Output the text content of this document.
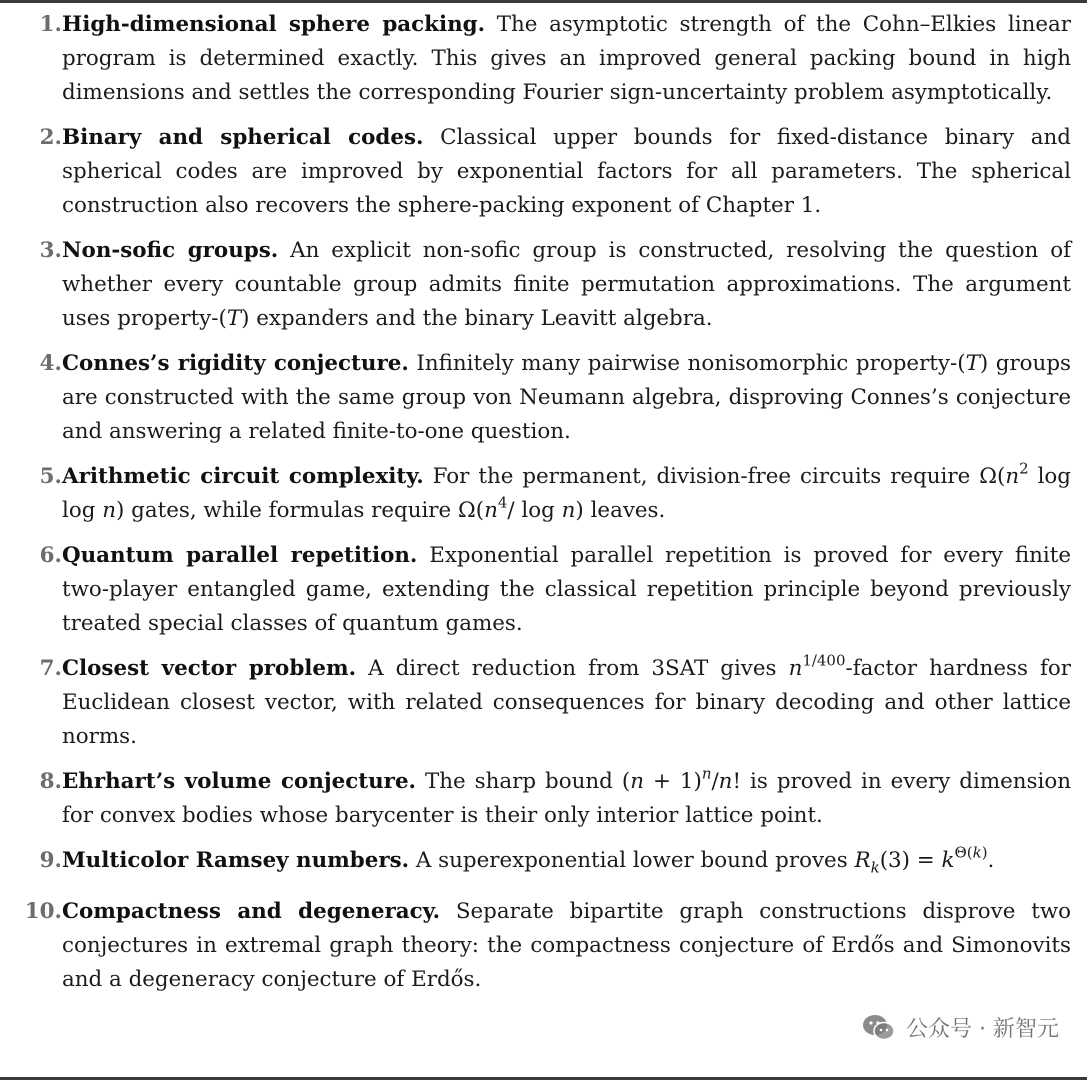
1. High-dimensional sphere packing. The asymptotic strength of the Cohn–Elkies linear program is determined exactly. This gives an improved general packing bound in high dimensions and settles the corresponding Fourier sign-uncertainty problem asymptotically.
2. Binary and spherical codes. Classical upper bounds for fixed-distance binary and spherical codes are improved by exponential factors for all parameters. The spherical construction also recovers the sphere-packing exponent of Chapter 1.
3. Non-sofic groups. An explicit non-sofic group is constructed, resolving the question of whether every countable group admits finite permutation approximations. The argument uses property-(T) expanders and the binary Leavitt algebra.
4. Connes’s rigidity conjecture. Infinitely many pairwise nonisomorphic property-(T) groups are constructed with the same group von Neumann algebra, disproving Connes’s conjecture and answering a related finite-to-one question.
5. Arithmetic circuit complexity. For the permanent, division-free circuits require $\Omega(n^2$ log log n) gates, while formulas require $\Omega(n^4/$ log n) leaves.
6. Quantum parallel repetition. Exponential parallel repetition is proved for every finite two-player entangled game, extending the classical repetition principle beyond previously treated special classes of quantum games.
7. Closest vector problem. A direct reduction from 3SAT gives $n^{1/400}$-factor hardness for Euclidean closest vector, with related consequences for binary decoding and other lattice norms.
8. Ehrhart’s volume conjecture. The sharp bound $(n + 1)^n/n$! is proved in every dimension for convex bodies whose barycenter is their only interior lattice point.
9. Multicolor Ramsey numbers. A superexponential lower bound proves $R_k(3) = k^{\Theta(k)}$.
10. Compactness and degeneracy. Separate bipartite graph constructions disprove two conjectures in extremal graph theory: the compactness conjecture of Erdős and Simonovits and a degeneracy conjecture of Erdős.
公众号 · 新智元
